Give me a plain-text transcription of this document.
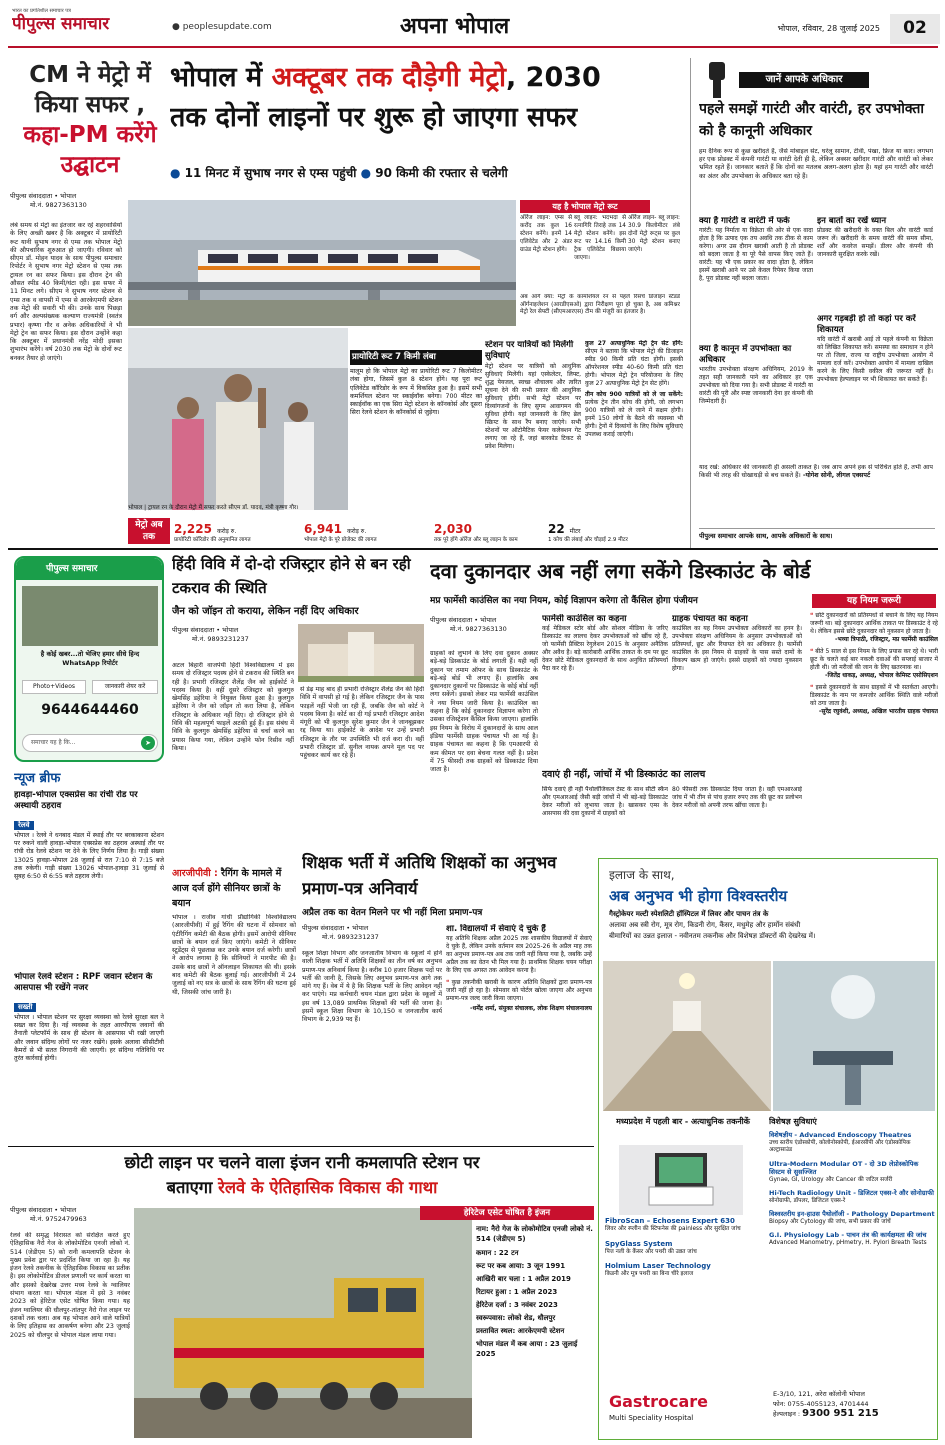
भारत का प्रगतिशील समाचार पत्र
पीपुल्स समाचार	● peoplesupdate.com	अपना भोपाल	भोपाल, रविवार, 28 जुलाई 2025	02
CM ने मेट्रो में किया सफर ,
कहा-PM करेंगे उद्घाटन
भोपाल में अक्टूबर तक दौड़ेगी मेट्रो, 2030
तक दोनों लाइनों पर शुरू हो जाएगा सफर
● 11 मिनट में सुभाष नगर से एम्स पहुंची ● 90 किमी की रफ्तार से चलेगी
पीपुल्स संवाददाता • भोपाल
मो.नं. 9827363130
लंबे समय से मेट्रो का इंतजार कर रहे शहरवासियों के लिए अच्छी खबर है कि अक्टूबर में प्रायोरिटी रूट यानी सुभाष नगर से एम्स तक भोपाल मेट्रो की औपचारिक शुरुआत हो जाएगी। रविवार को सीएम डॉ. मोहन यादव के साथ पीपुल्स समाचार रिपोर्टर ने सुभाष नगर मेट्रो स्टेशन से एम्स तक ट्रायल रन का सफर किया। इस दौरान ट्रेन की औसत स्पीड 40 किमी/घंटा रही। इस सफर में 11 मिनट लगे। सीएम ने सुभाष नगर स्टेशन से एम्स तक व वापसी में एम्स से आरकेएमपी स्टेशन तक मेट्रो की सवारी भी की। उनके साथ पिछड़ा वर्ग और अल्पसंख्यक कल्याण राज्यमंत्री (स्वतंत्र प्रभार) कृष्णा गौर व अनेक अधिकारियों ने भी मेट्रो ट्रेन का सफर किया। इस दौरान उन्होंने कहा कि अक्टूबर में प्रधानमंत्री नरेंद्र मोदी इसका शुभारंभ करेंगे। वर्ष 2030 तक मेट्रो के दोनों रूट बनकर तैयार हो जाएंगे।
यह है भोपाल मेट्रो रूट
ऑरेंज लाइन: एम्स से करोंद तक कुल 16 स्टेशन बनेंगे। इनमें 14 एलिवेटेड और 2 अंडर ग्राउंड मेट्रो स्टेशन होंगे।
ब्लू लाइन: भदभदा से रत्नागिरि तिराहे तक 14 मेट्रो स्टेशन बनेंगे। इस रूट पर 14.16 किमी ट्रैक एलिवेटेड बिछाया जाएगा।
ऑरेंज लाइन- ब्लू लाइन: 30.9 किलोमीटर लंबे दोनों मेट्रो रूट्स पर कुल 30 मेट्रो स्टेशन बनाए जाएंगे।
अब आगे क्या: मेट्रो के कॉमर्शियल रन से पहले रिसर्च डिजाइन स्टैंडर्ड ऑर्गनाइजेशन (आरडीएसओ) द्वारा निरीक्षण पूरा हो चुका है, अब कमिश्नर मेट्रो रेल सेफ्टी (सीएमआरएस) टीम की मंजूरी का इंतजार है।
प्रायोरिटी रूट 7 किमी लंबा
मालूम हो कि भोपाल मेट्रो का प्रायोरिटी रूट 7 किलोमीटर लंबा होगा, जिसमें कुल 8 स्टेशन होंगे। यह पूरा रूट एलिवेटेड कॉरिडोर के रूप में विकसित हुआ है। इसमें सभी कमर्शियल स्टेशन पर स्काईवॉक बनेगा। 700 मीटर का स्काईवॉक का एक सिरा मेट्रो स्टेशन के कॉनकोर्स और दूसरा सिरा रेलवे स्टेशन के कॉनकोर्स से जुड़ेगा।
भोपाल | ट्रायल रन के दौरान मेट्रो में सफर करते सीएम डॉ. यादव, मंत्री कृष्णा गौर।
स्टेशन पर यात्रियों को मिलेंगी सुविधाएं
मेट्रो स्टेशन पर यात्रियों को आधुनिक सुविधाएं मिलेंगी। यहां एस्केलेटर, लिफ्ट, शुद्ध पेयजल, स्वच्छ शौचालय और त्वरित सूचना देने की सभी प्रकार की आधुनिक सुविधाएं होंगी। सभी मेट्रो स्टेशन पर दिव्यांगजनों के लिए सुगम आवागमन की सुविधा होगी। यहां जानकारी के लिए ब्रेल स्क्रिप्ट के साथ रैंप बनाए जाएंगे। सभी स्टेशनों पर ऑटोमैटिक फेयर कलेक्शन गेट लगाए जा रहे हैं, जहां बारकोड टिकट से प्रवेश मिलेगा।
कुल 27 अत्याधुनिक मेट्रो ट्रेन सेट होंगे: सीएम ने बताया कि भोपाल मेट्रो की डिजाइन स्पीड 90 किमी प्रति घंटा होगी। इसकी ऑपरेशनल स्पीड 40-60 किमी प्रति घंटा होगी। भोपाल मेट्रो ट्रेन परियोजना के लिए कुल 27 अत्याधुनिक मेट्रो ट्रेन सेट होंगे।
तीन कोच 900 यात्रियों को ले जा सकेंगे: प्रत्येक ट्रेन तीन कोच की होगी, जो लगभग 900 यात्रियों को ले जाने में सक्षम होगी। इनमें 150 लोगों के बैठने की व्यवस्था भी होगी। ट्रेनों में दिव्यांगों के लिए विशेष सुविधाएं उपलब्ध कराई जाएंगी।
मेट्रो अब तक
2,225 करोड़ रु.
प्रायोरिटी कॉरिडोर की अनुमानित लागत
6,941 करोड़ रु.
भोपाल मेट्रो के पूरे प्रोजेक्ट की लागत
2,030
तक पूरे होंगे ऑरेंज और ब्लू लाइन के काम
22 मीटर
1 कोच की लंबाई और चौड़ाई 2.9 मीटर
जानें आपके अधिकार
पहले समझें गारंटी और वारंटी, हर उपभोक्ता को है कानूनी अधिकार
हम दैनिक रूप से कुछ खरीदते हैं, जैसे मोबाइल सेट, घरेलू सामान, टीवी, पंखा, फ्रिज या कार। लगभग हर एक प्रोडक्ट में कंपनी गारंटी या वारंटी देती ही है, लेकिन अक्सर खरीदार गारंटी और वारंटी को लेकर भ्रमित रहते हैं। जानकार बताते हैं कि दोनों का मतलब अलग-अलग होता है। यहां हम गारंटी और वारंटी का अंतर और उपभोक्ता के अधिकार बता रहे हैं।
क्या है गारंटी व वारंटी में फर्क
गारंटी: यह निर्माता या विक्रेता की ओर से एक वादा होता है कि उत्पाद एक तय अवधि तक ठीक से काम करेगा। अगर उस दौरान खराबी आती है तो प्रोडक्ट को बदला जाता है या पूरे पैसे वापस किए जाते हैं। वारंटी: यह भी एक प्रकार का वादा होता है, लेकिन इसमें खराबी आने पर उसे केवल रिपेयर किया जाता है, पूरा प्रोडक्ट नहीं बदला जाता।
क्या है कानून में उपभोक्ता का अधिकार
भारतीय उपभोक्ता संरक्षण अधिनियम, 2019 के तहत सही जानकारी पाने का अधिकार हर एक उपभोक्ता को दिया गया है। सभी प्रोडक्ट में गारंटी या वारंटी की पूरी और स्पष्ट जानकारी देना हर कंपनी की जिम्मेदारी है।
इन बातों का रखें ध्यान
प्रोडक्ट की खरीदारी के वक्त बिल और वारंटी कार्ड जरूर लें। खरीदारी के समय वारंटी की समय सीमा, शर्तें और कवरेज समझें। डीलर और कंपनी की जानकारी सुरक्षित करके रखें।
अगर गड़बड़ी हो तो कहां पर करें शिकायत
यदि वारंटी में खराबी आई तो पहले कंपनी या विक्रेता को लिखित शिकायत करें। समस्या का समाधान न होने पर तो जिला, राज्य या राष्ट्रीय उपभोक्ता आयोग में मामला दर्ज करें। उपभोक्ता आयोग में मामला दाखिल करने के लिए किसी वकील की जरूरत नहीं है। उपभोक्ता हेल्पलाइन पर भी शिकायत कर सकते हैं।
याद रखें: अधिकार की जानकारी ही असली ताकत है। जब आप अपने हक से परिचित होते हैं, तभी आप किसी भी तरह की धोखाधड़ी से बच सकते हैं। -योगेश सोनी, लीगल एक्सपर्ट
पीपुल्स समाचार आपके साथ, आपके अधिकारों के साथ।
पीपुल्स समाचार
है कोई खबर...तो भेजिए हमार सीधे हिन्द WhatsApp रिपोर्टर
Photo+Videos	जानकारी शेयर करें
9644644460
समाचार यह है कि...	➤
न्यूज ब्रीफ
हावड़ा-भोपाल एक्सप्रेस का रांची रोड पर अस्थायी ठहराव
रेलवे
भोपाल । रेलवे ने धनबाद मंडल में स्थाई तौर पर बरकाकाना स्टेशन पर रुकने वाली हावड़ा-भोपाल एक्सप्रेस का ठहराव अस्थाई तौर पर रांची रोड रेलवे स्टेशन पर देने के लिए निर्णय लिया है। गाड़ी संख्या 13025 हावड़ा-भोपाल 28 जुलाई से रात 7:10 से 7:15 बजे तक रुकेगी। गाड़ी संख्या 13026 भोपाल-हावड़ा 31 जुलाई से सुबह 6:50 से 6:55 बजे ठहराव लेगी।
भोपाल रेलवे स्टेशन : RPF जवान स्टेशन के आसपास भी रखेंगे नजर
सख्ती
भोपाल । भोपाल स्टेशन पर सुरक्षा व्यवस्था को रेलवे सुरक्षा बल ने सख्त कर दिया है। नई व्यवस्था के तहत आरपीएफ जवानों की तैनाती प्लेटफॉर्म के साथ ही स्टेशन के आसपास भी रखी जाएगी और जवान संदिग्ध लोगों पर नजर रखेंगे। इसके अलावा सीसीटीवी कैमरों से भी सतत निगरानी की जाएगी। हर संदिग्ध गतिविधि पर तुरंत कार्रवाई होगी।
हिंदी विवि में दो-दो रजिस्ट्रार होने से बन रही टकराव की स्थिति
जैन को जॉइन तो कराया, लेकिन नहीं दिए अधिकार
पीपुल्स संवाददाता • भोपाल
मो.नं. 9893231237
अटल बिहारी वाजपेयी हिंदी विश्वविद्यालय में इस समय दो रजिस्ट्रार पदस्थ होने से टकराव की स्थिति बन रही है। प्रभारी रजिस्ट्रार शैलेंद्र जैन को हाईकोर्ट ने पदस्थ किया है। वहीं दूसरे रजिस्ट्रार को कुलगुरु खेमसिंह डहेरिया ने नियुक्त किया हुआ है। कुलगुरु डहेरिया ने जैन को जॉइन तो करा लिया है, लेकिन रजिस्ट्रार के अधिकार नहीं दिए। दो रजिस्ट्रार होने से विवि की महत्वपूर्ण फाइलें अटकी हुई हैं। इस संबंध में विवि के कुलगुरु खेमसिंह डहेरिया से चर्चा करने का प्रयास किया गया, लेकिन उन्होंने फोन रिसीव नहीं किया।
से डेढ़ माह बाद ही प्रभारी रजिस्ट्रार शैलेंद्र जैन की हिंदी विवि में वापसी हो गई है। लेकिन रजिस्ट्रार जैन के पास फाइलें नहीं भेजी जा रही हैं, जबकि जैन को कोर्ट ने पदस्थ किया है। कोर्ट का दी गई प्रभारी रजिस्ट्रार आदेश मंगूरी को भी कुलगुरु सुरेश कुमार जैन ने जानबूझकर रद्द किया था। हाईकोर्ट के आदेश पर उन्हें प्रभारी रजिस्ट्रार के तौर पर उपस्थिति भी दर्ज करा दी। वहीं प्रभारी रजिस्ट्रार डॉ. सुनील नायक अपने मूल पद पर पहुंचकर कार्य कर रहे हैं।
आरजीपीवी : रैगिंग के मामले में आज दर्ज होंगे सीनियर छात्रों के बयान
भोपाल । राजीव गांधी प्रौद्योगिकी विश्वविद्यालय (आरजीपीवी) में हुई रैगिंग की घटना में सोमवार को एंटीरैगिंग कमेटी की बैठक होगी। इसमें आरोपी सीनियर छात्रों के बयान दर्ज किए जाएंगे। कमेटी ने सीनियर स्टूडेंट्स से पूछताछ कर उनके बयान दर्ज करेगी। छात्रों ने आरोप लगाया है कि सीनियरों ने मारपीट की है। उसके बाद छात्रों ने ऑनलाइन शिकायत की थी। इसके बाद कमेटी की बैठक बुलाई गई। आरजीपीवी में 24 जुलाई को नए सत्र के छात्रों के साथ रैगिंग की घटना हुई थी, जिसकी जांच जारी है।
दवा दुकानदार अब नहीं लगा सकेंगे डिस्काउंट के बोर्ड
मप्र फार्मेसी काउंसिल का नया नियम, कोई विज्ञापन करेगा तो कैंसिल होगा पंजीयन	यह नियम जरूरी
पीपुल्स संवाददाता • भोपाल
मो.नं. 9827363130
ग्राहकों को लुभाने के लिए दवा दुकान अक्सर बड़े-बड़े डिस्काउंट के बोर्ड लगाती हैं। यही नहीं दुकान पर तमाम ऑफर के साथ डिस्काउंट के बड़े-बड़े बोर्ड भी लगाए हैं। हालांकि अब दुकानदार दुकानों पर डिस्काउंट के कोई बोर्ड नहीं लगा सकेंगे। इसको लेकर मप्र फार्मेसी काउंसिल ने नया नियम जारी किया है। काउंसिल का कहना है कि कोई दुकानदार विज्ञापन करेगा तो उसका रजिस्ट्रेशन कैंसिल किया जाएगा। हालांकि इस नियम के विरोध में दुकानदारों के साथ आल इंडिया फार्मेसी ग्राहक पंचायत भी आ गई है। ग्राहक पंचायत का कहना है कि एमआरपी से कम कीमत पर दवा बेचना गलत नहीं है। प्रदेश में 75 फीसदी तक ग्राहकों को डिस्काउंट दिया जाता है।
फार्मेसी काउंसिल का कहना
कई मेडिकल स्टोर बोर्ड और सोशल मीडिया के जरिए डिस्काउंट का लालच देकर उपभोक्ताओं को खींच रहे हैं, जो फार्मेसी प्रैक्टिस रेगुलेशन 2015 के अनुसार अनैतिक और अवैध है। बड़े कारोबारी आर्थिक ताकत के दम पर छूट देकर छोटे मेडिकल दुकानदारों के साथ अनुचित प्रतिस्पर्धा पैदा कर रहे हैं।
ग्राहक पंचायत का कहना
काउंसिल का यह नियम उपभोक्ता अधिकारों का हनन है। उपभोक्ता संरक्षण अधिनियम के अनुसार उपभोक्ताओं को प्रतिस्पर्धा, छूट और रियायत देने का अधिकार है। फार्मेसी काउंसिल के इस नियम से ग्राहकों के पास सस्ते दामों के विकल्प खत्म हो जाएंगे। इससे ग्राहकों को ज्यादा नुकसान होगा।
दवाएं ही नहीं, जांचों में भी डिस्काउंट का लालच
सिर्फ दवाएं ही नहीं पैथोलॉजिकल टेस्ट के साथ सीटी स्कैन और एमआरआई जैसी बड़ी जांचों में भी बड़े-बड़े डिस्काउंट देकर मरीजों को लुभाया जाता है। खासकर एम्स के आसपास की दवा दुकानों में ग्राहकों को
80 फीसदी तक डिस्काउंट दिया जाता है। वहीं एमआरआई जांच में भी तीन से पांच हजार रुपए तक की छूट का प्रलोभन देकर मरीजों को अपनी तरफ खींचा जाता है।
❝ छोटे दुकानदारों को प्रतिस्पर्धा से बचाने के लिए यह नियम जरूरी था। बड़े दुकानदार आर्थिक ताकत पर डिस्काउंट दे रहे थे। लेकिन इससे छोटे दुकानदार को नुकसान हो जाता है।
-भव्या त्रिपाठी, रजिस्ट्रार, मप्र फार्मेसी काउंसिल
❝ बीते 5 साल से इस नियम के लिए प्रयास कर रहे थे। भारी छूट के चलते कई बार नकली दवाओं की सप्लाई बाजार में होती थी। जो मरीजों की जान के लिए खतरनाक था।
-जितेंद्र धाकड़, अध्यक्ष, भोपाल केमिस्ट एसोसिएशन
❝ इससे दुकानदारों के साथ ग्राहकों में भी सतर्कता आएगी। डिस्काउंट के नाम पर कमजोर आर्थिक स्थिति वाले मरीजों को ठगा जाता है।
-सुरेंद्र रघुवंशी, अध्यक्ष, अखिल भारतीय ग्राहक पंचायत
शिक्षक भर्ती में अतिथि शिक्षकों का अनुभव प्रमाण-पत्र अनिवार्य
अप्रैल तक का वेतन मिलने पर भी नहीं मिला प्रमाण-पत्र
पीपुल्स संवाददाता • भोपाल
मो.नं. 9893231237
स्कूल शिक्षा विभाग और जनजातीय विभाग के स्कूलों में होने वाली शिक्षक भर्ती में अतिथि शिक्षकों का तीन वर्ष का अनुभव प्रमाण-पत्र अनिवार्य किया है। करीब 10 हजार शिक्षक पदों पर भर्ती की जानी है, जिसके लिए अनुभव प्रमाण-पत्र आगे तक मांगे गए हैं। वेब में ये है कि शिक्षक भर्ती के लिए आवेदन नहीं कर पाएंगे। मप्र कर्मचारी चयन मंडल द्वारा प्रदेश के स्कूलों में इस वर्ष 13,089 प्राथमिक शिक्षकों की भर्ती की जाना है। इसमें स्कूल शिक्षा विभाग के 10,150 व जनजातीय कार्य विभाग के 2,939 पद हैं।
शा. विद्यालयों में सेवाएं दे चुके हैं
यह अतिथि शिक्षक अप्रैल 2025 तक शासकीय विद्यालयों में सेवाएं दे चुके हैं, लेकिन उनके वर्तमान सत्र 2025-26 के अप्रैल माह तक का अनुभव प्रमाण-पत्र अब तक जारी नहीं किया गया है, जबकि उन्हें अप्रैल तक का वेतन भी मिल गया है। प्राथमिक शिक्षक चयन परीक्षा के लिए एक अगस्त तक आवेदन करना है।
❝ कुछ तकनीकी खराबी के कारण अतिथि शिक्षकों द्वारा प्रमाण-पत्र जारी नहीं हो रहा है। सोमवार को पोर्टल खोला जाएगा और अनुभव प्रमाण-पत्र जल्द जारी किया जाएगा।
-धर्मेंद्र शर्मा, संयुक्त संचालक, लोक शिक्षण संचालनालय
इलाज के साथ,
अब अनुभव भी होगा विश्वस्तरीय
गैस्ट्रोकेयर मल्टी स्पेशलिटी हॉस्पिटल में लिवर और पाचन तंत्र के
अलावा अब स्त्री रोग, मूत्र रोग, किडनी रोग, कैंसर, मधुमेह और हार्मोन संबंधी
बीमारियों का उन्नत इलाज - नवीनतम तकनीक और विशेषज्ञ डॉक्टरों की देखरेख में।
मध्यप्रदेश में पहली बार - अत्याधुनिक तकनीकें
FibroScan – Echosens Expert 630
लिवर और स्प्लीन की स्टिफनेस की painless और सुरक्षित जांच
SpyGlass System
पित्त नली के कैंसर और पथरी की उन्नत जांच
Holmium Laser Technology
किडनी और मूत्र पथरी का बिना चीरे इलाज
विशेषज्ञ सुविधाएं
विशेषज्ञीय - Advanced Endoscopy Theatres
उच्च स्तरीय एंडोस्कोपी, कोलोनोस्कोपी, ईआरसीपी और एंडोस्कोपिक अल्ट्रासाउंड
Ultra-Modern Modular OT - दो 3D लेप्रोस्कोपिक सिस्टम से सुसज्जित
Gynae, GI, Urology और Cancer की जटिल सर्जरी
Hi-Tech Radiology Unit - डिजिटल एक्स-रे और सोनोग्राफी
सोनोग्राफी, डॉपलर, डिजिटल एक्स-रे
विश्वस्तरीय इन-हाउस पैथोलॉजी - Pathology Department
Biopsy और Cytology की जांच, सभी प्रकार की जांचें
G.I. Physiology Lab - पाचन तंत्र की कार्यक्षमता की जांच
Advanced Manometry, pHmetry, H. Pylori Breath Tests
Gastrocare
Multi Speciality Hospital
E-3/10, 121, अरेरा कॉलोनी भोपाल
फोन: 0755-4055123, 4701444
हेल्पलाइन : 9300 951 215
छोटी लाइन पर चलने वाला इंजन रानी कमलापति स्टेशन पर
बताएगा रेलवे के ऐतिहासिक विकास की गाथा
पीपुल्स संवाददाता • भोपाल
मो.नं. 9752479963
रेलवे की समृद्ध विरासत को संरक्षित करते हुए ऐतिहासिक नैरो गेज के लोकोमोटिव एनजी लोको नं. 514 (जेडीएम 5) को रानी कमलापति स्टेशन के मुख्य प्रवेश द्वार पर प्रदर्शित किया जा रहा है। यह इंजन रेलवे तकनीक के ऐतिहासिक विकास का प्रतीक है। इस लोकोमोटिव डीजल प्रणाली पर कार्य करता था और इसको देखरेख उत्तर मध्य रेलवे के ग्वालियर संभाग करता था। भोपाल मंडल में इसे 3 नवंबर 2023 को हेरिटेज एसेट घोषित किया गया। यह इंजन ग्वालियर की धौलपुर-तांतपुर नैरो गेज लाइन पर दशकों तक चला। अब यह भोपाल आने वाले यात्रियों के लिए इतिहास का आकर्षण बनेगा और 23 जुलाई 2025 को धौलपुर से भोपाल मंडल लाया गया।
हेरिटेज एसेट घोषित है इंजन
नाम: नैरो गेज के लोकोमोटिव एनजी लोको नं. 514 (जेडीएम 5)
कमान : 22 टन
रूट पर कब आया: 3 जून 1991
आखिरी बार चला : 1 अप्रैल 2019
रिटायर हुआ : 1 अप्रैल 2023
हेरिटेज दर्जा : 3 नवंबर 2023
स्वरूपवास: लोको शेड, धौलपुर
प्रस्तावित स्थल: आरकेएमपी स्टेशन
भोपाल मंडल में कब आया : 23 जुलाई 2025
